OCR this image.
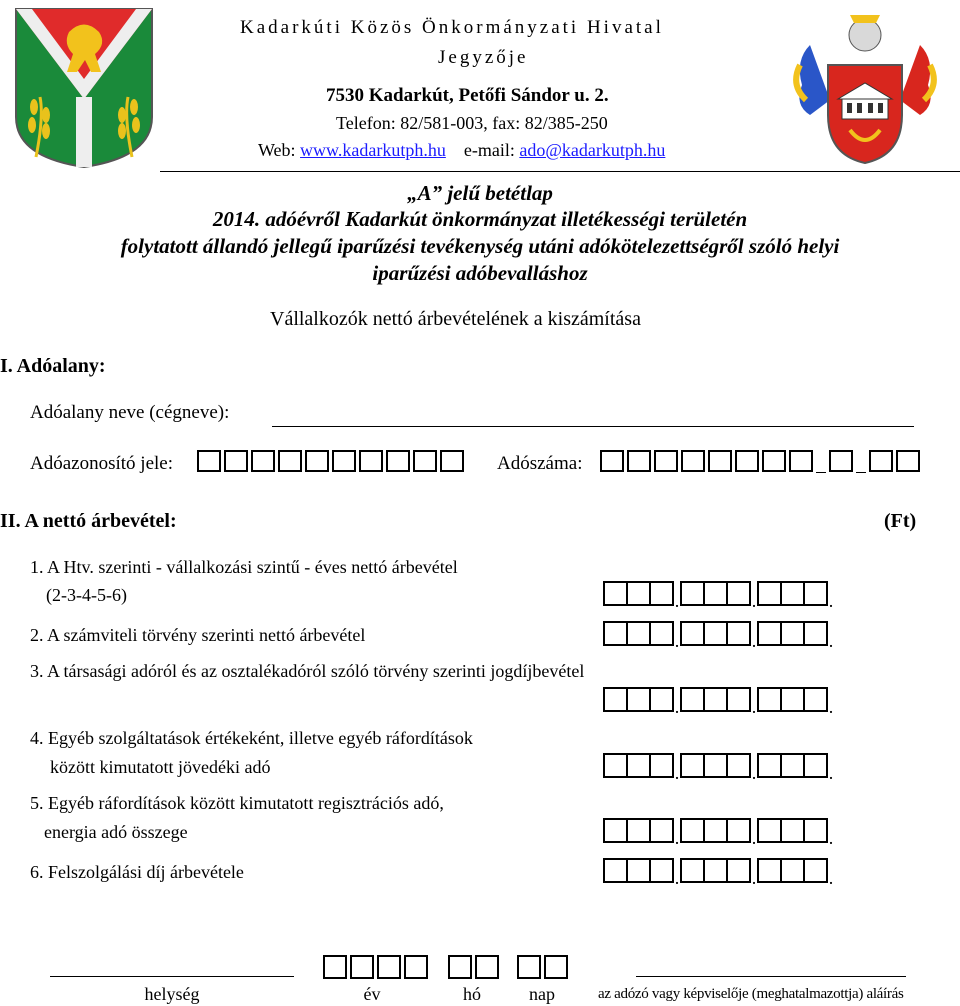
Kadarkúti Közös Önkormányzati Hivatal
Jegyzője
7530 Kadarkút, Petőfi Sándor u. 2.
Telefon: 82/581-003, fax: 82/385-250
Web: www.kadarkutph.hu e-mail: ado@kadarkutph.hu
„A” jelű betétlap
2014. adóévről Kadarkút önkormányzat illetékességi területén
folytatott állandó jellegű iparűzési tevékenység utáni adókötelezettségről szóló helyi
iparűzési adóbevalláshoz
Vállalkozók nettó árbevételének a kiszámítása
I. Adóalany:
Adóalany neve (cégneve):
Adóazonosító jele:	Adószáma:
II. A nettó árbevétel:	(Ft)
1. A Htv. szerinti - vállalkozási szintű - éves nettó árbevétel
(2-3-4-5-6)	.	.	.
2. A számviteli törvény szerinti nettó árbevétel	.	.	.
3. A társasági adóról és az osztalékadóról szóló törvény szerinti jogdíjbevétel
.	.	.
4. Egyéb szolgáltatások értékeként, illetve egyéb ráfordítások
között kimutatott jövedéki adó	.	.	.
5. Egyéb ráfordítások között kimutatott regisztrációs adó,
energia adó összege	.	.	.
6. Felszolgálási díj árbevétele	.	.	.
helység	év	hó	nap	az adózó vagy képviselője (meghatalmazottja) aláírás
